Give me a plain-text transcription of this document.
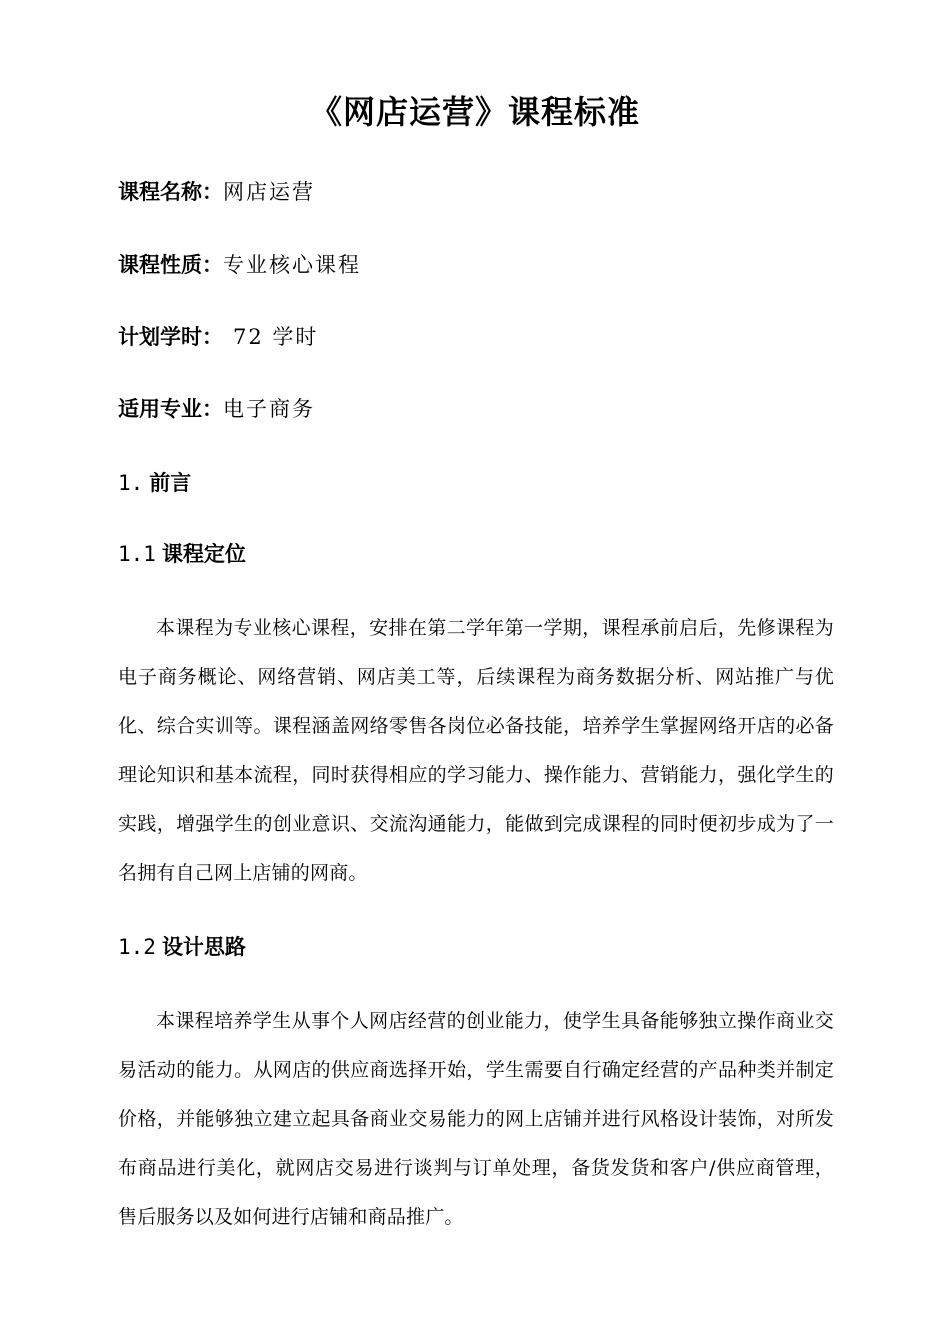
《网店运营》课程标准
课程名称：网店运营
课程性质：专业核心课程
计划学时： 72 学时
适用专业：电子商务
1. 前言
1.1 课程定位
本课程为专业核心课程，安排在第二学年第一学期，课程承前启后，先修课程为电子商务概论、网络营销、网店美工等，后续课程为商务数据分析、网站推广与优化、综合实训等。课程涵盖网络零售各岗位必备技能，培养学生掌握网络开店的必备理论知识和基本流程，同时获得相应的学习能力、操作能力、营销能力，强化学生的实践，增强学生的创业意识、交流沟通能力，能做到完成课程的同时便初步成为了一名拥有自己网上店铺的网商。
1.2 设计思路
本课程培养学生从事个人网店经营的创业能力，使学生具备能够独立操作商业交易活动的能力。从网店的供应商选择开始，学生需要自行确定经营的产品种类并制定价格，并能够独立建立起具备商业交易能力的网上店铺并进行风格设计装饰，对所发布商品进行美化，就网店交易进行谈判与订单处理，备货发货和客户/供应商管理，售后服务以及如何进行店铺和商品推广。
